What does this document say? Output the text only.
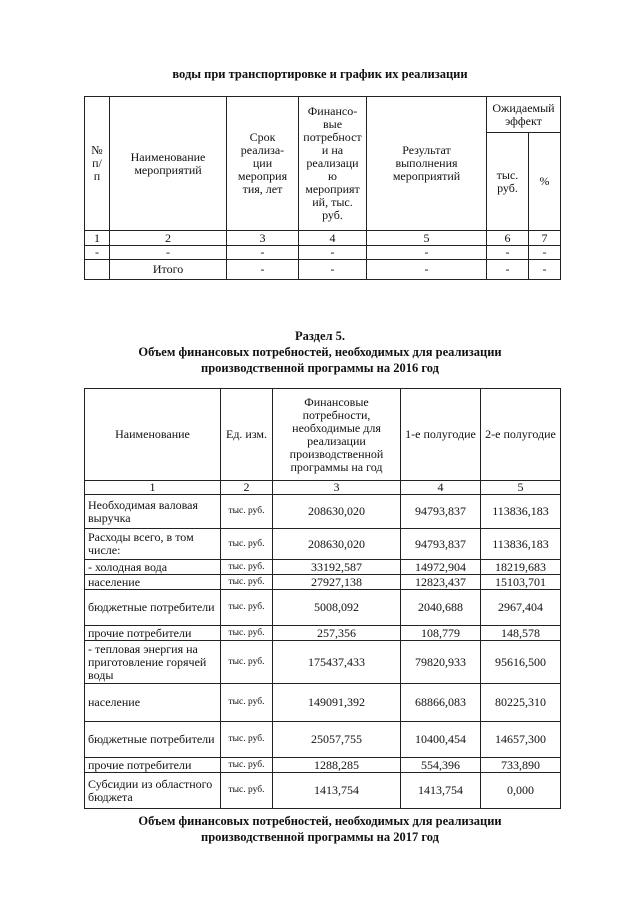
воды при транспортировке и график их реализации
№ п/ п	Наименование мероприятий	Срок реализа- ции мероприя тия, лет	Финансо- вые потребност и на реализаци ю мероприят ий, тыс. руб.	Результат выполнения мероприятий	Ожидаемый эффект	
					тыс. руб.	%
1	2	3	4	5	6	7
-	-	-	-	-	-	-
	Итого	-	-	-	-	-
Раздел 5.
Объем финансовых потребностей, необходимых для реализации
производственной программы на 2016 год
Наименование	Ед. изм.	Финансовые потребности, необходимые для реализации производственной программы на год	1-е полугодие	2-е полугодие
1	2	3	4	5
Необходимая валовая выручка	тыс. руб.	208630,020	94793,837	113836,183
Расходы всего, в том числе:	тыс. руб.	208630,020	94793,837	113836,183
- холодная вода	тыс. руб.	33192,587	14972,904	18219,683
население	тыс. руб.	27927,138	12823,437	15103,701
бюджетные потребители	тыс. руб.	5008,092	2040,688	2967,404
прочие потребители	тыс. руб.	257,356	108,779	148,578
- тепловая энергия на приготовление горячей воды	тыс. руб.	175437,433	79820,933	95616,500
население	тыс. руб.	149091,392	68866,083	80225,310
бюджетные потребители	тыс. руб.	25057,755	10400,454	14657,300
прочие потребители	тыс. руб.	1288,285	554,396	733,890
Субсидии из областного бюджета	тыс. руб.	1413,754	1413,754	0,000
Объем финансовых потребностей, необходимых для реализации
производственной программы на 2017 год
